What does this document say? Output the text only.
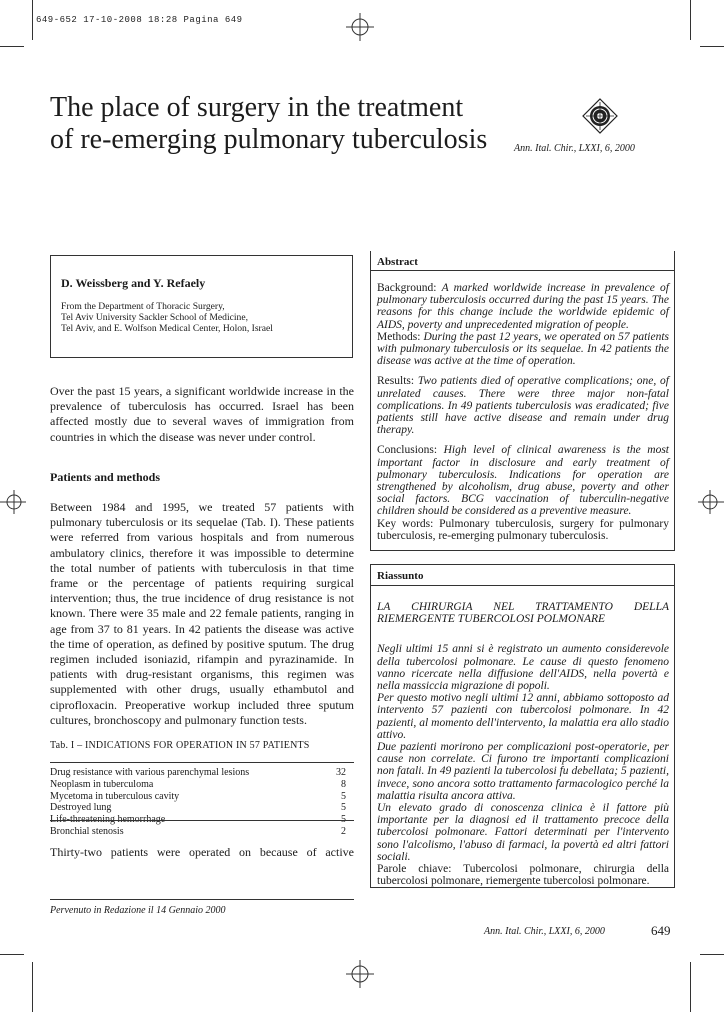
649-652 17-10-2008 18:28 Pagina 649
The place of surgery in the treatment
of re-emerging pulmonary tuberculosis	Ann. Ital. Chir., LXXI, 6, 2000

D. Weissberg and Y. Refaely

From the Department of Thoracic Surgery,
Tel Aviv University Sackler School of Medicine,
Tel Aviv, and E. Wolfson Medical Center, Holon, Israel

Over the past 15 years, a significant worldwide increase in the prevalence of tuberculosis has occurred. Israel has been affected mostly due to several waves of immigration from countries in which the disease was never under control.

Patients and methods

Between 1984 and 1995, we treated 57 patients with pulmonary tuberculosis or its sequelae (Tab. I). These patients were referred from various hospitals and from numerous ambulatory clinics, therefore it was impossible to determine the total number of patients with tuberculosis in that time frame or the percentage of patients requiring surgical intervention; thus, the true incidence of drug resistance is not known. There were 35 male and 22 female patients, ranging in age from 37 to 81 years. In 42 patients the disease was active the time of operation, as defined by positive sputum. The drug regimen included isoniazid, rifampin and pyrazinamide. In patients with drug-resistant organisms, this regimen was supplemented with other drugs, usually ethambutol and ciprofloxacin. Preoperative workup included three sputum cultures, bronchoscopy and pulmonary function tests.

Tab. I – INDICATIONS FOR OPERATION IN 57 PATIENTS
Drug resistance with various parenchymal lesions	32
Neoplasm in tuberculoma	8
Mycetoma in tuberculous cavity	5
Destroyed lung	5
Life-threatening hemorrhage	5
Bronchial stenosis	2

Thirty-two patients were operated on because of active

Pervenuto in Redazione il 14 Gennaio 2000
Ann. Ital. Chir., LXXI, 6, 2000	649
Abstract

Background: A marked worldwide increase in prevalence of pulmonary tuberculosis occurred during the past 15 years. The reasons for this change include the worldwide epidemic of AIDS, poverty and unprecedented migration of people.

Methods: During the past 12 years, we operated on 57 patients with pulmonary tuberculosis or its sequelae. In 42 patients the disease was active at the time of operation.

Results: Two patients died of operative complications; one, of unrelated causes. There were three major non-fatal complications. In 49 patients tuberculosis was eradicated; five patients still have active disease and remain under drug therapy.

Conclusions: High level of clinical awareness is the most important factor in disclosure and early treatment of pulmonary tuberculosis. Indications for operation are strengthened by alcoholism, drug abuse, poverty and other social factors. BCG vaccination of tuberculin-negative children should be considered as a preventive measure.

Key words: Pulmonary tuberculosis, surgery for pulmonary tuberculosis, re-emerging pulmonary tuberculosis.

Riassunto

LA CHIRURGIA NEL TRATTAMENTO DELLA RIEMERGENTE TUBERCOLOSI POLMONARE

Negli ultimi 15 anni si è registrato un aumento considerevole della tubercolosi polmonare. Le cause di questo fenomeno vanno ricercate nella diffusione dell'AIDS, nella povertà e nella massiccia migrazione di popoli.

Per questo motivo negli ultimi 12 anni, abbiamo sottoposto ad intervento 57 pazienti con tubercolosi polmonare. In 42 pazienti, al momento dell'intervento, la malattia era allo stadio attivo.

Due pazienti morirono per complicazioni post-operatorie, per cause non correlate. Ci furono tre importanti complicazioni non fatali. In 49 pazienti la tubercolosi fu debellata; 5 pazienti, invece, sono ancora sotto trattamento farmacologico perché la malattia risulta ancora attiva.

Un elevato grado di conoscenza clinica è il fattore più importante per la diagnosi ed il trattamento precoce della tubercolosi polmonare. Fattori determinati per l'intervento sono l'alcolismo, l'abuso di farmaci, la povertà ed altri fattori sociali.

Parole chiave: Tubercolosi polmonare, chirurgia della tubercolosi polmonare, riemergente tubercolosi polmonare.
